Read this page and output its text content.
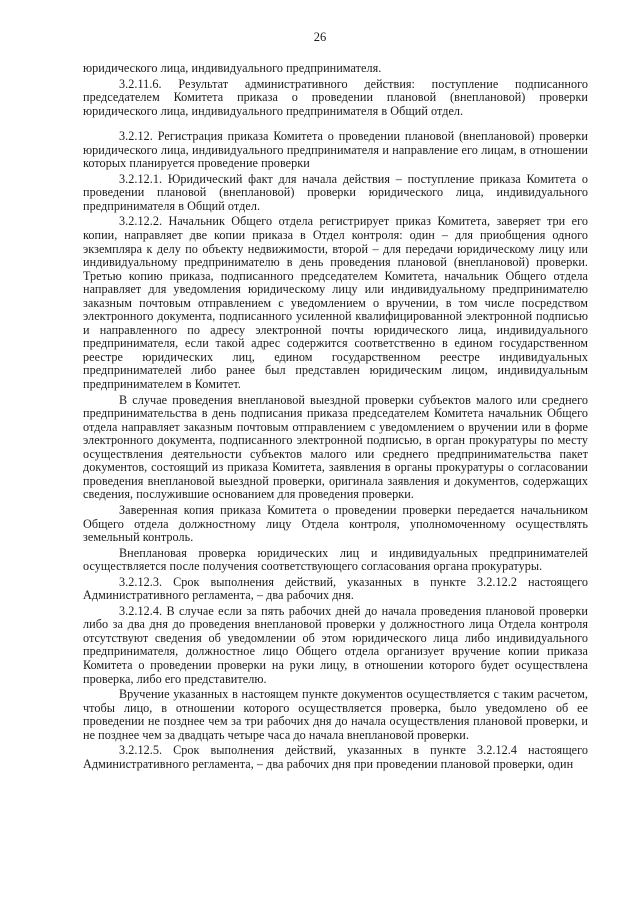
26

юридического лица, индивидуального предпринимателя.

3.2.11.6. Результат административного действия: поступление подписанного председателем Комитета приказа о проведении плановой (внеплановой) проверки юридического лица, индивидуального предпринимателя в Общий отдел.

3.2.12. Регистрация приказа Комитета о проведении плановой (внеплановой) проверки юридического лица, индивидуального предпринимателя и направление его лицам, в отношении которых планируется проведение проверки

3.2.12.1. Юридический факт для начала действия – поступление приказа Комитета о проведении плановой (внеплановой) проверки юридического лица, индивидуального предпринимателя в Общий отдел.

3.2.12.2. Начальник Общего отдела регистрирует приказ Комитета, заверяет три его копии, направляет две копии приказа в Отдел контроля: один – для приобщения одного экземпляра к делу по объекту недвижимости, второй – для передачи юридическому лицу или индивидуальному предпринимателю в день проведения плановой (внеплановой) проверки. Третью копию приказа, подписанного председателем Комитета, начальник Общего отдела направляет для уведомления юридическому лицу или индивидуальному предпринимателю заказным почтовым отправлением с уведомлением о вручении, в том числе посредством электронного документа, подписанного усиленной квалифицированной электронной подписью и направленного по адресу электронной почты юридического лица, индивидуального предпринимателя, если такой адрес содержится соответственно в едином государственном реестре юридических лиц, едином государственном реестре индивидуальных предпринимателей либо ранее был представлен юридическим лицом, индивидуальным предпринимателем в Комитет.

В случае проведения внеплановой выездной проверки субъектов малого или среднего предпринимательства в день подписания приказа председателем Комитета начальник Общего отдела направляет заказным почтовым отправлением с уведомлением о вручении или в форме электронного документа, подписанного электронной подписью, в орган прокуратуры по месту осуществления деятельности субъектов малого или среднего предпринимательства пакет документов, состоящий из приказа Комитета, заявления в органы прокуратуры о согласовании проведения внеплановой выездной проверки, оригинала заявления и документов, содержащих сведения, послужившие основанием для проведения проверки.

Заверенная копия приказа Комитета о проведении проверки передается начальником Общего отдела должностному лицу Отдела контроля, уполномоченному осуществлять земельный контроль.

Внеплановая проверка юридических лиц и индивидуальных предпринимателей осуществляется после получения соответствующего согласования органа прокуратуры.

3.2.12.3. Срок выполнения действий, указанных в пункте 3.2.12.2 настоящего Административного регламента, – два рабочих дня.

3.2.12.4. В случае если за пять рабочих дней до начала проведения плановой проверки либо за два дня до проведения внеплановой проверки у должностного лица Отдела контроля отсутствуют сведения об уведомлении об этом юридического лица либо индивидуального предпринимателя, должностное лицо Общего отдела организует вручение копии приказа Комитета о проведении проверки на руки лицу, в отношении которого будет осуществлена проверка, либо его представителю.

Вручение указанных в настоящем пункте документов осуществляется с таким расчетом, чтобы лицо, в отношении которого осуществляется проверка, было уведомлено об ее проведении не позднее чем за три рабочих дня до начала осуществления плановой проверки, и не позднее чем за двадцать четыре часа до начала внеплановой проверки.

3.2.12.5. Срок выполнения действий, указанных в пункте 3.2.12.4 настоящего Административного регламента, – два рабочих дня при проведении плановой проверки, один
